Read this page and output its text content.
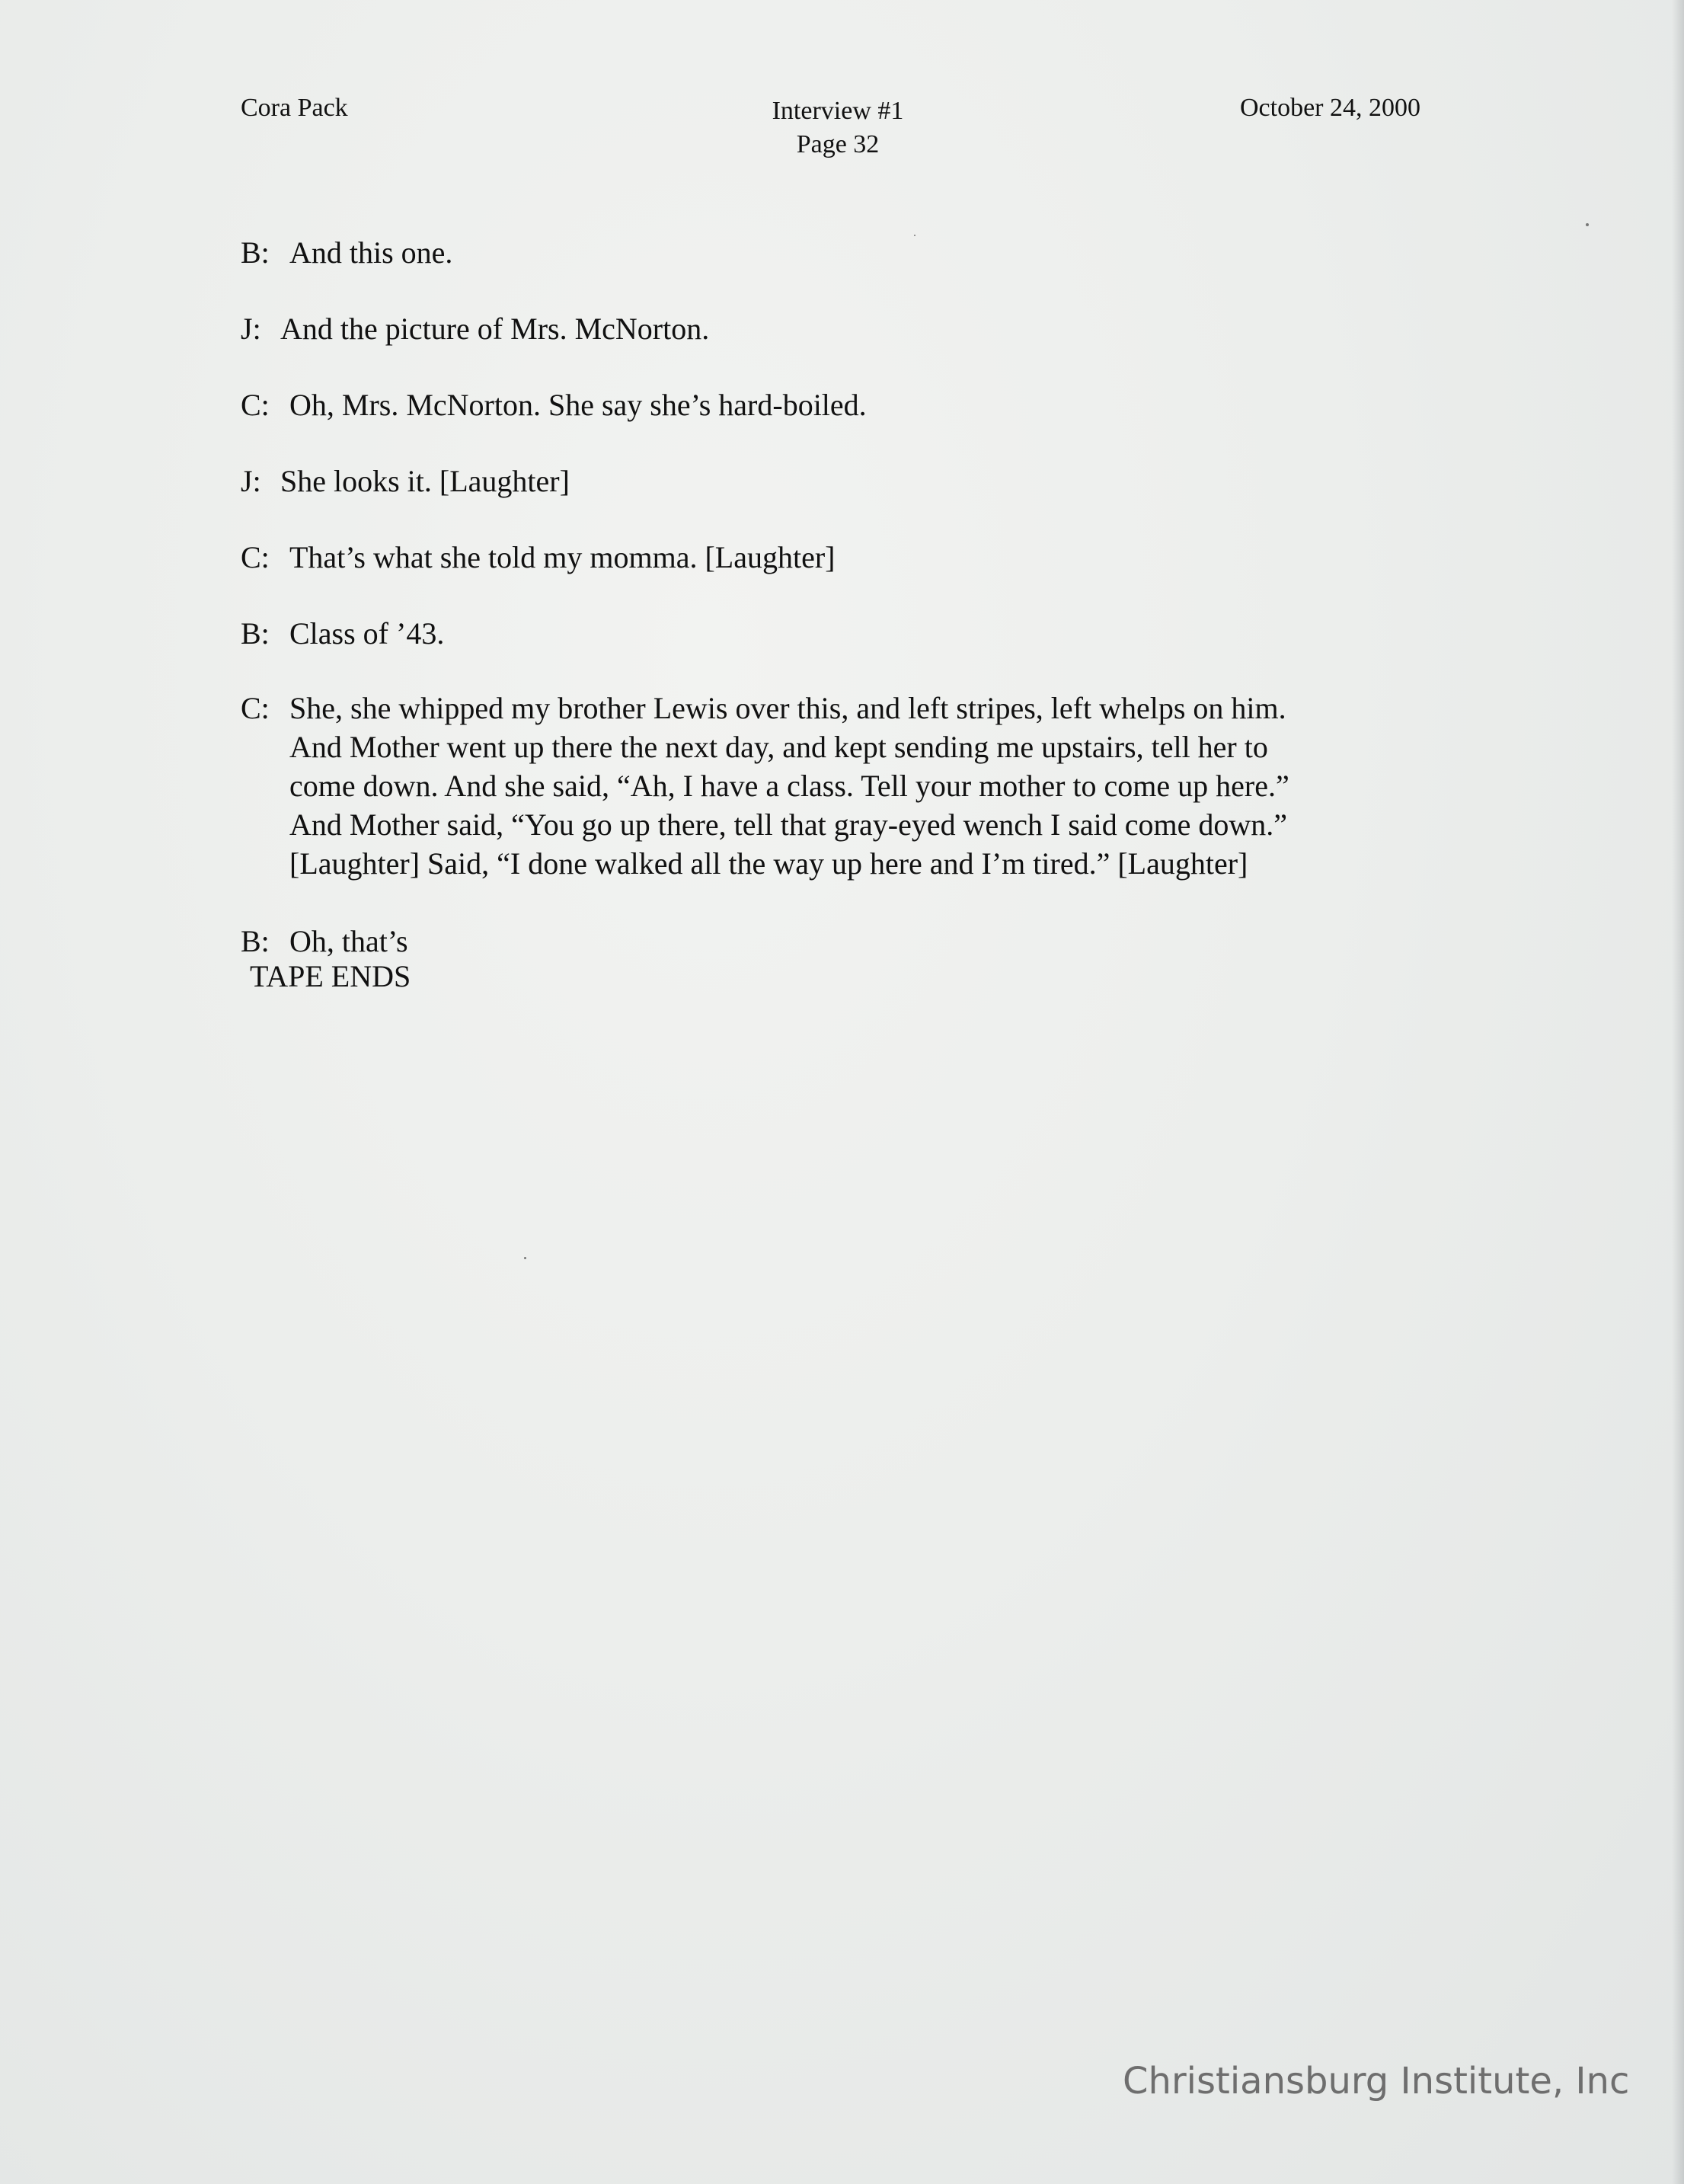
Cora Pack	Interview #1
Page 32
October 24, 2000
B: And this one.
J: And the picture of Mrs. McNorton.
C: Oh, Mrs. McNorton. She say she’s hard-boiled.
J: She looks it. [Laughter]
C: That’s what she told my momma. [Laughter]
B: Class of ’43.
C: She, she whipped my brother Lewis over this, and left stripes, left whelps on him.
And Mother went up there the next day, and kept sending me upstairs, tell her to
come down. And she said, “Ah, I have a class. Tell your mother to come up here.”
And Mother said, “You go up there, tell that gray-eyed wench I said come down.”
[Laughter] Said, “I done walked all the way up here and I’m tired.” [Laughter]
B: Oh, that’s
TAPE ENDS
Christiansburg Institute, Inc
